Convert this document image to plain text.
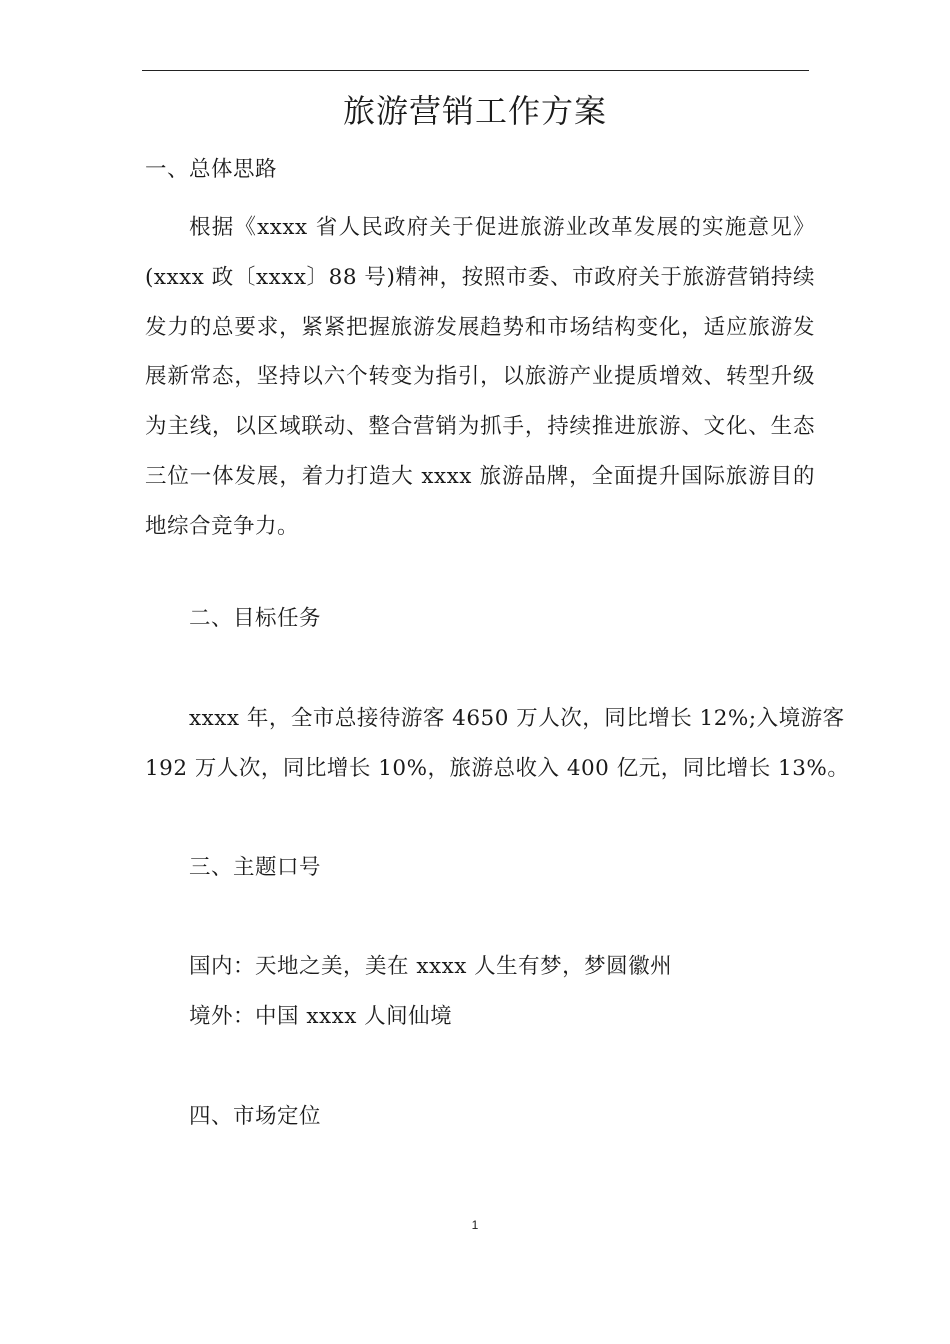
旅游营销工作方案
一、总体思路
根据《xxxx 省人民政府关于促进旅游业改革发展的实施意见》(xxxx 政〔xxxx〕88 号)精神，按照市委、市政府关于旅游营销持续发力的总要求，紧紧把握旅游发展趋势和市场结构变化，适应旅游发展新常态，坚持以六个转变为指引，以旅游产业提质增效、转型升级为主线，以区域联动、整合营销为抓手，持续推进旅游、文化、生态三位一体发展，着力打造大 xxxx 旅游品牌，全面提升国际旅游目的地综合竞争力。
二、目标任务
xxxx 年，全市总接待游客 4650 万人次，同比增长 12%;入境游客
192 万人次，同比增长 10%，旅游总收入 400 亿元，同比增长 13%。
三、主题口号
国内：天地之美，美在 xxxx 人生有梦，梦圆徽州
境外：中国 xxxx 人间仙境
四、市场定位
1
